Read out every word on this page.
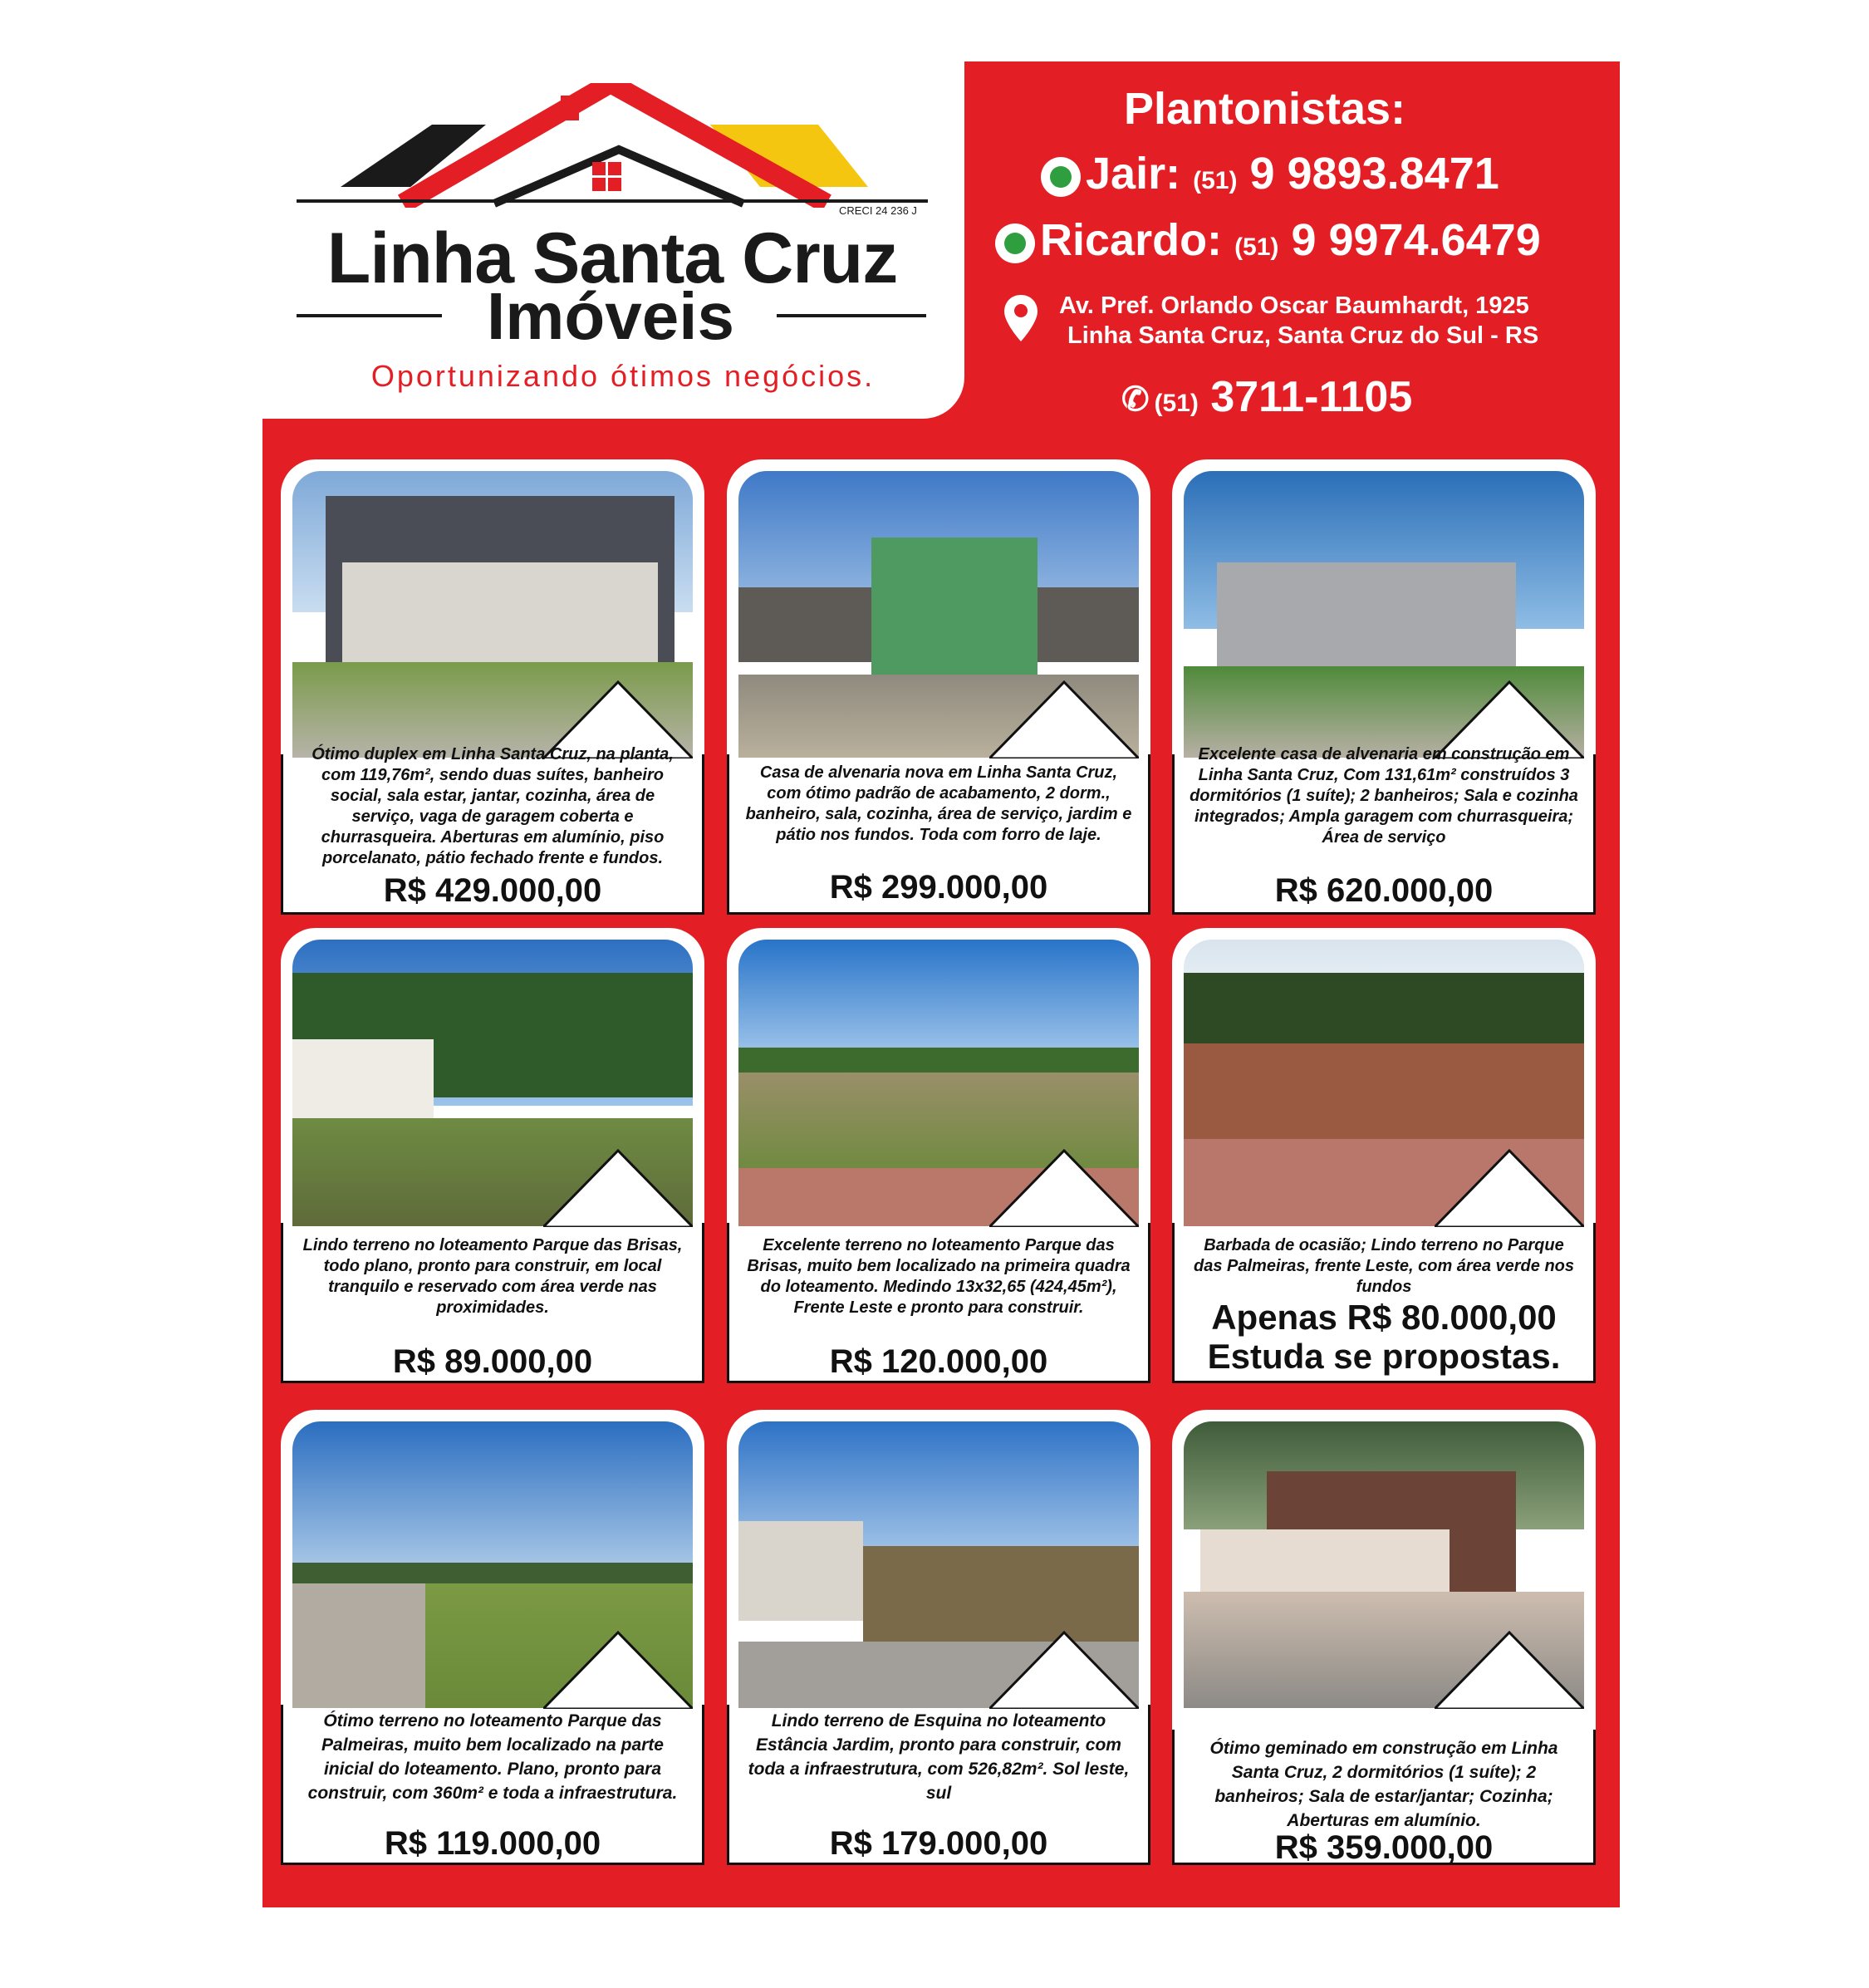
CRECI 24 236 J
Linha Santa Cruz
Imóveis
Oportunizando ótimos negócios.
Plantonistas:
Jair: (51) 9 9893.8471
Ricardo: (51) 9 9974.6479
Av. Pref. Orlando Oscar Baumhardt, 1925
Linha Santa Cruz, Santa Cruz do Sul - RS
✆ (51) 3711-1105
Ótimo duplex em Linha Santa Cruz, na planta, com 119,76m², sendo duas suítes, banheiro social, sala estar, jantar, cozinha, área de serviço, vaga de garagem coberta e churrasqueira. Aberturas em alumínio, piso porcelanato, pátio fechado frente e fundos.
R$ 429.000,00
Casa de alvenaria nova em Linha Santa Cruz, com ótimo padrão de acabamento, 2 dorm., banheiro, sala, cozinha, área de serviço, jardim e pátio nos fundos. Toda com forro de laje.
R$ 299.000,00
Excelente casa de alvenaria em construção em Linha Santa Cruz, Com 131,61m² construídos 3 dormitórios (1 suíte); 2 banheiros; Sala e cozinha integrados; Ampla garagem com churrasqueira; Área de serviço
R$ 620.000,00
Lindo terreno no loteamento Parque das Brisas, todo plano, pronto para construir, em local tranquilo e reservado com área verde nas proximidades.
R$ 89.000,00
Excelente terreno no loteamento Parque das Brisas, muito bem localizado na primeira quadra do loteamento. Medindo 13x32,65 (424,45m²), Frente Leste e pronto para construir.
R$ 120.000,00
Barbada de ocasião; Lindo terreno no Parque das Palmeiras, frente Leste, com área verde nos fundos
Apenas R$ 80.000,00
Estuda se propostas.
Ótimo terreno no loteamento Parque das Palmeiras, muito bem localizado na parte inicial do loteamento. Plano, pronto para construir, com 360m² e toda a infraestrutura.
R$ 119.000,00
Lindo terreno de Esquina no loteamento Estância Jardim, pronto para construir, com toda a infraestrutura, com 526,82m². Sol leste, sul
R$ 179.000,00
Ótimo geminado em construção em Linha Santa Cruz, 2 dormitórios (1 suíte); 2 banheiros; Sala de estar/jantar; Cozinha; Aberturas em alumínio.
R$ 359.000,00
